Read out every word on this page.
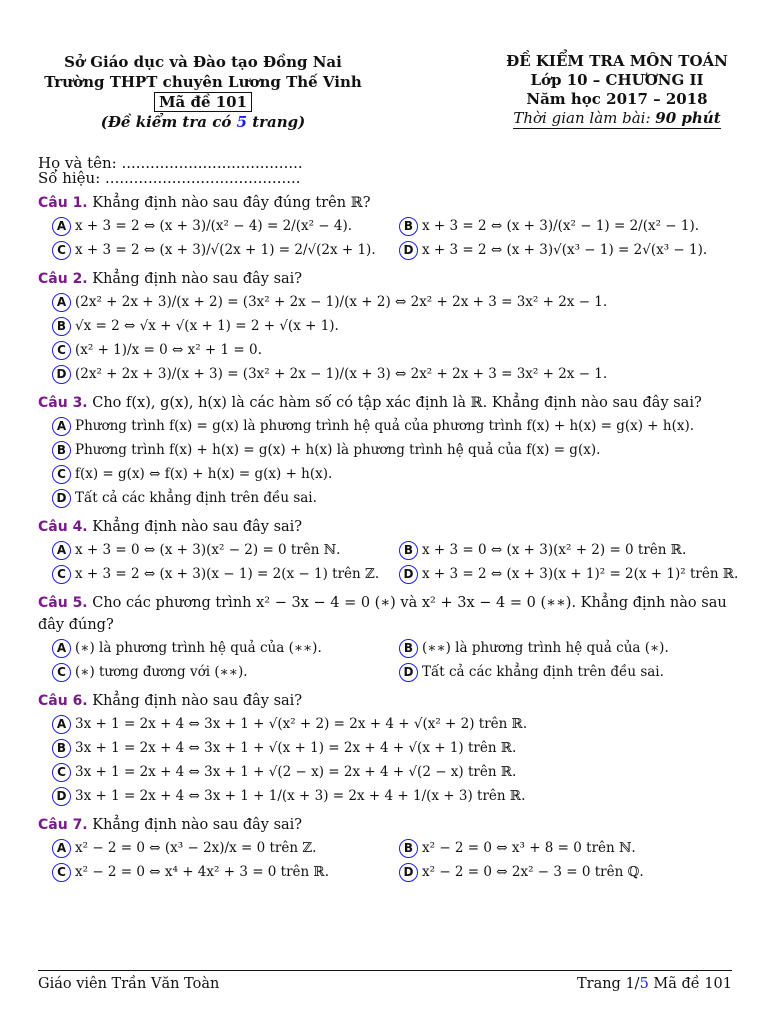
Sở Giáo dục và Đào tạo Đồng Nai
Trường THPT chuyên Lương Thế Vinh
Mã đề 101
(Đề kiểm tra có 5 trang)
ĐỀ KIỂM TRA MÔN TOÁN
Lớp 10 – CHƯƠNG II
Năm học 2017 – 2018
Thời gian làm bài: 90 phút
Họ và tên: ......................................
Số hiệu: .........................................
Câu 1. Khẳng định nào sau đây đúng trên ℝ?
A x + 3 = 2 ⇔ (x + 3)/(x² − 4) = 2/(x² − 4).	B x + 3 = 2 ⇔ (x + 3)/(x² − 1) = 2/(x² − 1).
C x + 3 = 2 ⇔ (x + 3)/√(2x + 1) = 2/√(2x + 1).	D x + 3 = 2 ⇔ (x + 3)√(x³ − 1) = 2√(x³ − 1).
Câu 2. Khẳng định nào sau đây sai?
A (2x² + 2x + 3)/(x + 2) = (3x² + 2x − 1)/(x + 2) ⇔ 2x² + 2x + 3 = 3x² + 2x − 1.
B √x = 2 ⇔ √x + √(x + 1) = 2 + √(x + 1).
C (x² + 1)/x = 0 ⇔ x² + 1 = 0.
D (2x² + 2x + 3)/(x + 3) = (3x² + 2x − 1)/(x + 3) ⇔ 2x² + 2x + 3 = 3x² + 2x − 1.
Câu 3. Cho f(x), g(x), h(x) là các hàm số có tập xác định là ℝ. Khẳng định nào sau đây sai?
A Phương trình f(x) = g(x) là phương trình hệ quả của phương trình f(x) + h(x) = g(x) + h(x).
B Phương trình f(x) + h(x) = g(x) + h(x) là phương trình hệ quả của f(x) = g(x).
C f(x) = g(x) ⇔ f(x) + h(x) = g(x) + h(x).
D Tất cả các khẳng định trên đều sai.
Câu 4. Khẳng định nào sau đây sai?
A x + 3 = 0 ⇔ (x + 3)(x² − 2) = 0 trên ℕ.	B x + 3 = 0 ⇔ (x + 3)(x² + 2) = 0 trên ℝ.
C x + 3 = 2 ⇔ (x + 3)(x − 1) = 2(x − 1) trên ℤ.	D x + 3 = 2 ⇔ (x + 3)(x + 1)² = 2(x + 1)² trên ℝ.
Câu 5. Cho các phương trình x² − 3x − 4 = 0 (∗) và x² + 3x − 4 = 0 (∗∗). Khẳng định nào sau đây đúng?
A (∗) là phương trình hệ quả của (∗∗).	B (∗∗) là phương trình hệ quả của (∗).
C (∗) tương đương với (∗∗).	D Tất cả các khẳng định trên đều sai.
Câu 6. Khẳng định nào sau đây sai?
A 3x + 1 = 2x + 4 ⇔ 3x + 1 + √(x² + 2) = 2x + 4 + √(x² + 2) trên ℝ.
B 3x + 1 = 2x + 4 ⇔ 3x + 1 + √(x + 1) = 2x + 4 + √(x + 1) trên ℝ.
C 3x + 1 = 2x + 4 ⇔ 3x + 1 + √(2 − x) = 2x + 4 + √(2 − x) trên ℝ.
D 3x + 1 = 2x + 4 ⇔ 3x + 1 + 1/(x + 3) = 2x + 4 + 1/(x + 3) trên ℝ.
Câu 7. Khẳng định nào sau đây sai?
A x² − 2 = 0 ⇔ (x³ − 2x)/x = 0 trên ℤ.	B x² − 2 = 0 ⇔ x³ + 8 = 0 trên ℕ.
C x² − 2 = 0 ⇔ x⁴ + 4x² + 3 = 0 trên ℝ.	D x² − 2 = 0 ⇔ 2x² − 3 = 0 trên ℚ.
Giáo viên Trần Văn Toàn	Trang 1/5 Mã đề 101
